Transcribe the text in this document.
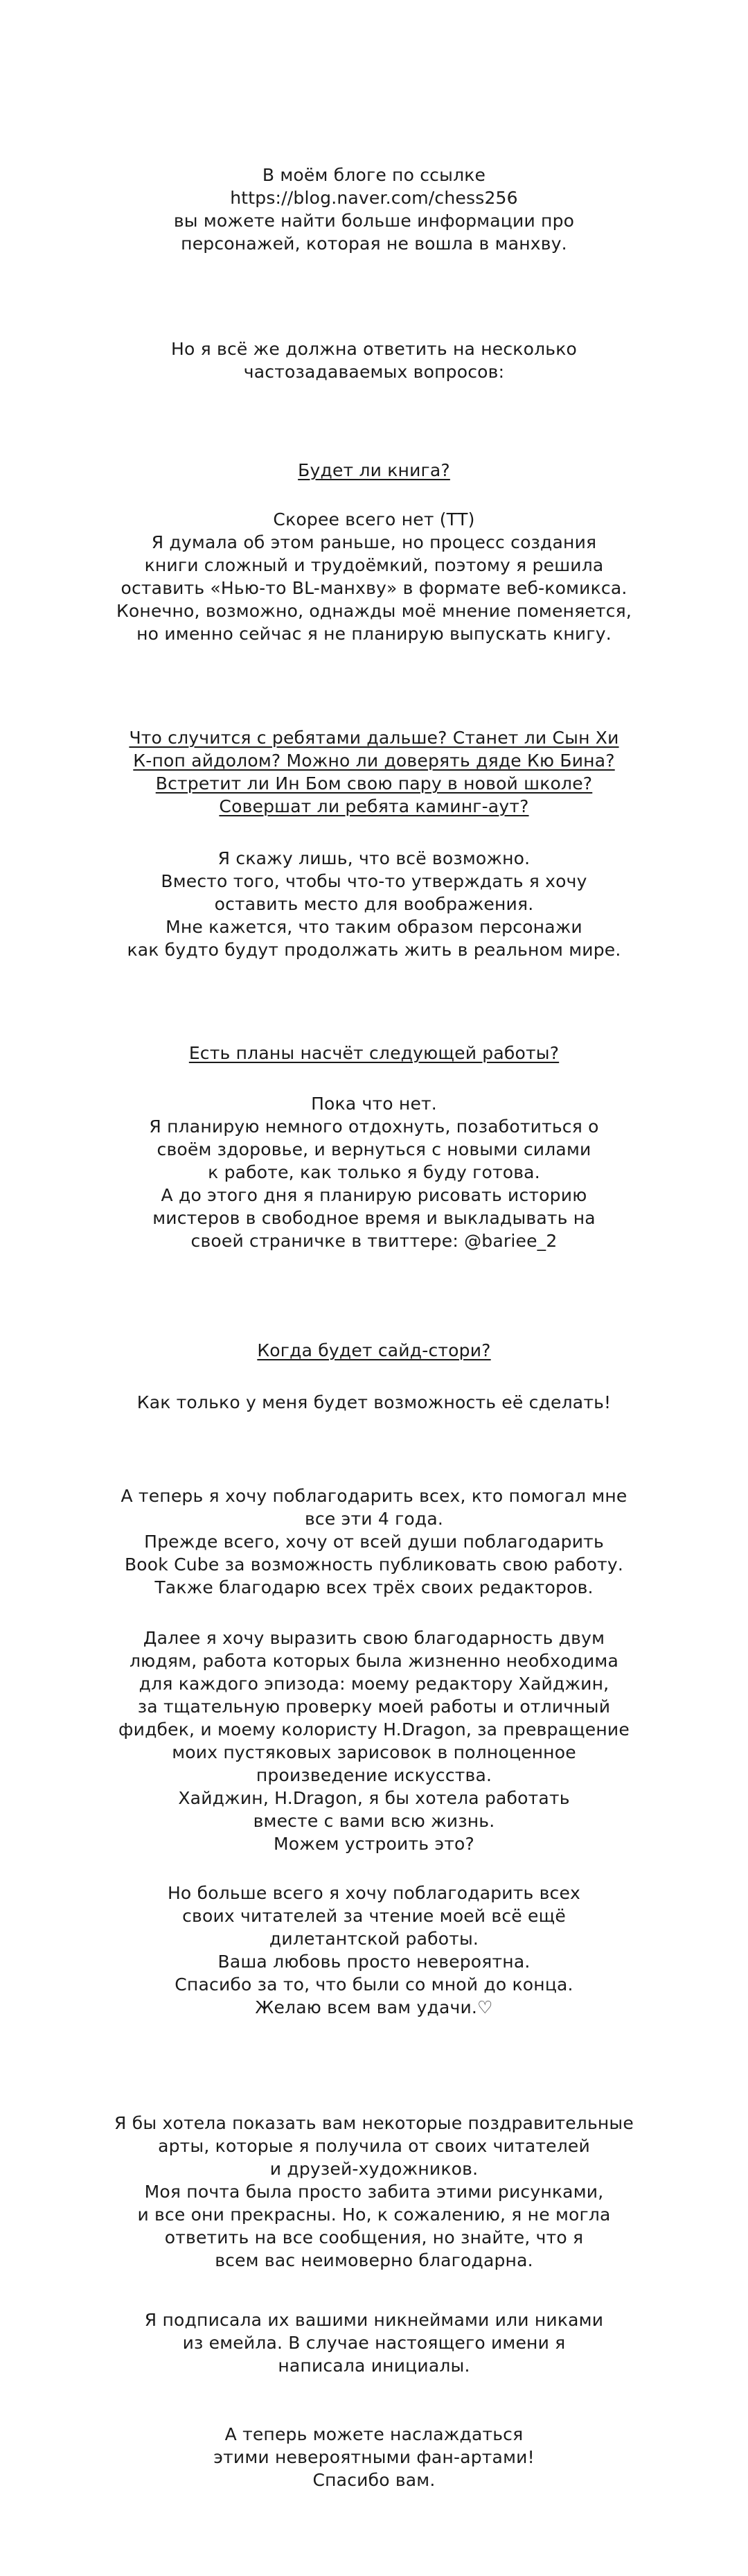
В моём блоге по ссылке
https://blog.naver.com/chess256
вы можете найти больше информации про
персонажей, которая не вошла в манхву.
Но я всё же должна ответить на несколько
частозадаваемых вопросов:
Будет ли книга?
Скорее всего нет (ТТ)
Я думала об этом раньше, но процесс создания
книги сложный и трудоёмкий, поэтому я решила
оставить «Нью-то BL-манхву» в формате веб-комикса.
Конечно, возможно, однажды моё мнение поменяется,
но именно сейчас я не планирую выпускать книгу.
Что случится с ребятами дальше? Станет ли Сын Хи
К-поп айдолом? Можно ли доверять дяде Кю Бина?
Встретит ли Ин Бом свою пару в новой школе?
Совершат ли ребята каминг-аут?
Я скажу лишь, что всё возможно.
Вместо того, чтобы что-то утверждать я хочу
оставить место для воображения.
Мне кажется, что таким образом персонажи
как будто будут продолжать жить в реальном мире.
Есть планы насчёт следующей работы?
Пока что нет.
Я планирую немного отдохнуть, позаботиться о
своём здоровье, и вернуться с новыми силами
к работе, как только я буду готова.
А до этого дня я планирую рисовать историю
мистеров в свободное время и выкладывать на
своей страничке в твиттере: @bariee_2
Когда будет сайд-стори?
Как только у меня будет возможность её сделать!
А теперь я хочу поблагодарить всех, кто помогал мне
все эти 4 года.
Прежде всего, хочу от всей души поблагодарить
Book Cube за возможность публиковать свою работу.
Также благодарю всех трёх своих редакторов.
Далее я хочу выразить свою благодарность двум
людям, работа которых была жизненно необходима
для каждого эпизода: моему редактору Хайджин,
за тщательную проверку моей работы и отличный
фидбек, и моему колористу H.Dragon, за превращение
моих пустяковых зарисовок в полноценное
произведение искусства.
Хайджин, H.Dragon, я бы хотела работать
вместе с вами всю жизнь.
Можем устроить это?
Но больше всего я хочу поблагодарить всех
своих читателей за чтение моей всё ещё
дилетантской работы.
Ваша любовь просто невероятна.
Спасибо за то, что были со мной до конца.
Желаю всем вам удачи.♡
Я бы хотела показать вам некоторые поздравительные
арты, которые я получила от своих читателей
и друзей-художников.
Моя почта была просто забита этими рисунками,
и все они прекрасны. Но, к сожалению, я не могла
ответить на все сообщения, но знайте, что я
всем вас неимоверно благодарна.
Я подписала их вашими никнеймами или никами
из емейла. В случае настоящего имени я
написала инициалы.
А теперь можете наслаждаться
этими невероятными фан-артами!
Спасибо вам.
